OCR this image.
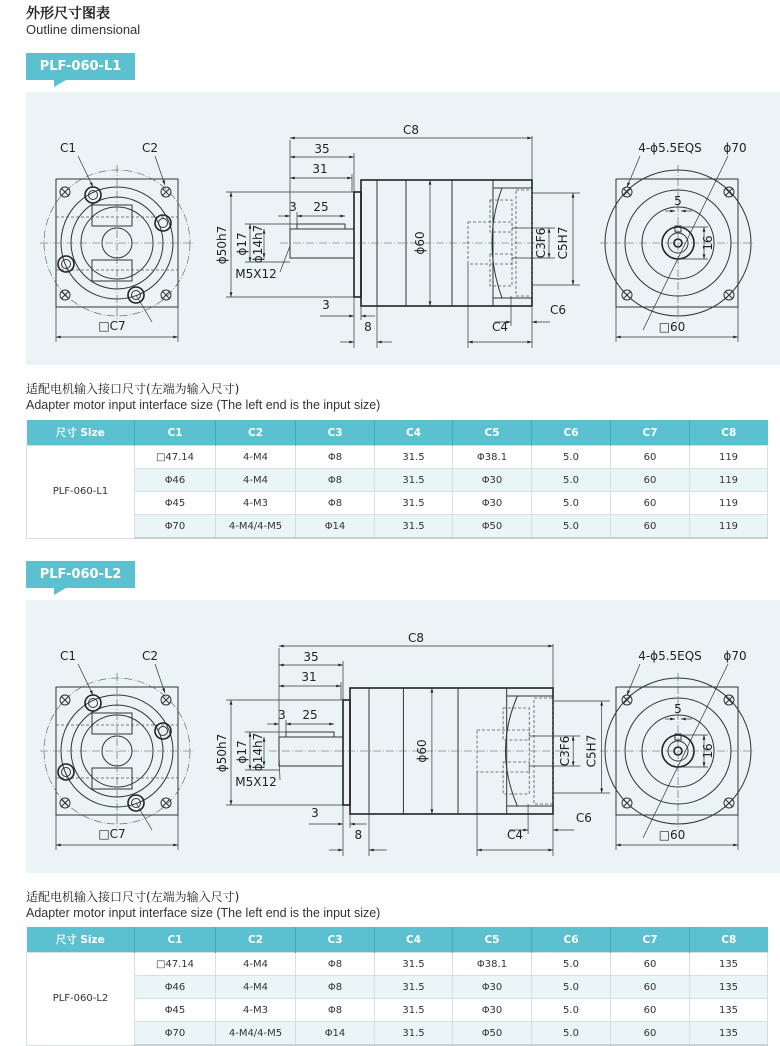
外形尺寸图表
Outline dimensional
PLF-060-L1
C1	C2
□C7
C8
35
31
3 25
ϕ50h7 ϕ17 ϕ14h7
M5X12
ϕ60	C3F6 C5H7
3
8	C4
C6
4-ϕ5.5EQS ϕ70
5
16
□60
适配电机输入接口尺寸(左端为输入尺寸)
Adapter motor input interface size (The left end is the input size)
尺寸 Size	C1	C2	C3	C4	C5	C6	C7	C8
PLF-060-L1	□47.14	4-M4	Φ8	31.5	Φ38.1	5.0	60	119
	Φ46	4-M4	Φ8	31.5	Φ30	5.0	60	119
	Φ45	4-M3	Φ8	31.5	Φ30	5.0	60	119
	Φ70	4-M4/4-M5	Φ14	31.5	Φ50	5.0	60	119
PLF-060-L2
C1	C2
□C7
C8
35
31
3 25
ϕ50h7 ϕ17 ϕ14h7
M5X12
ϕ60	C3F6 C5H7
3
8	C4
C6
4-ϕ5.5EQS ϕ70
5
16
□60
适配电机输入接口尺寸(左端为输入尺寸)
Adapter motor input interface size (The left end is the input size)
尺寸 Size	C1	C2	C3	C4	C5	C6	C7	C8
PLF-060-L2	□47.14	4-M4	Φ8	31.5	Φ38.1	5.0	60	135
	Φ46	4-M4	Φ8	31.5	Φ30	5.0	60	135
	Φ45	4-M3	Φ8	31.5	Φ30	5.0	60	135
	Φ70	4-M4/4-M5	Φ14	31.5	Φ50	5.0	60	135
